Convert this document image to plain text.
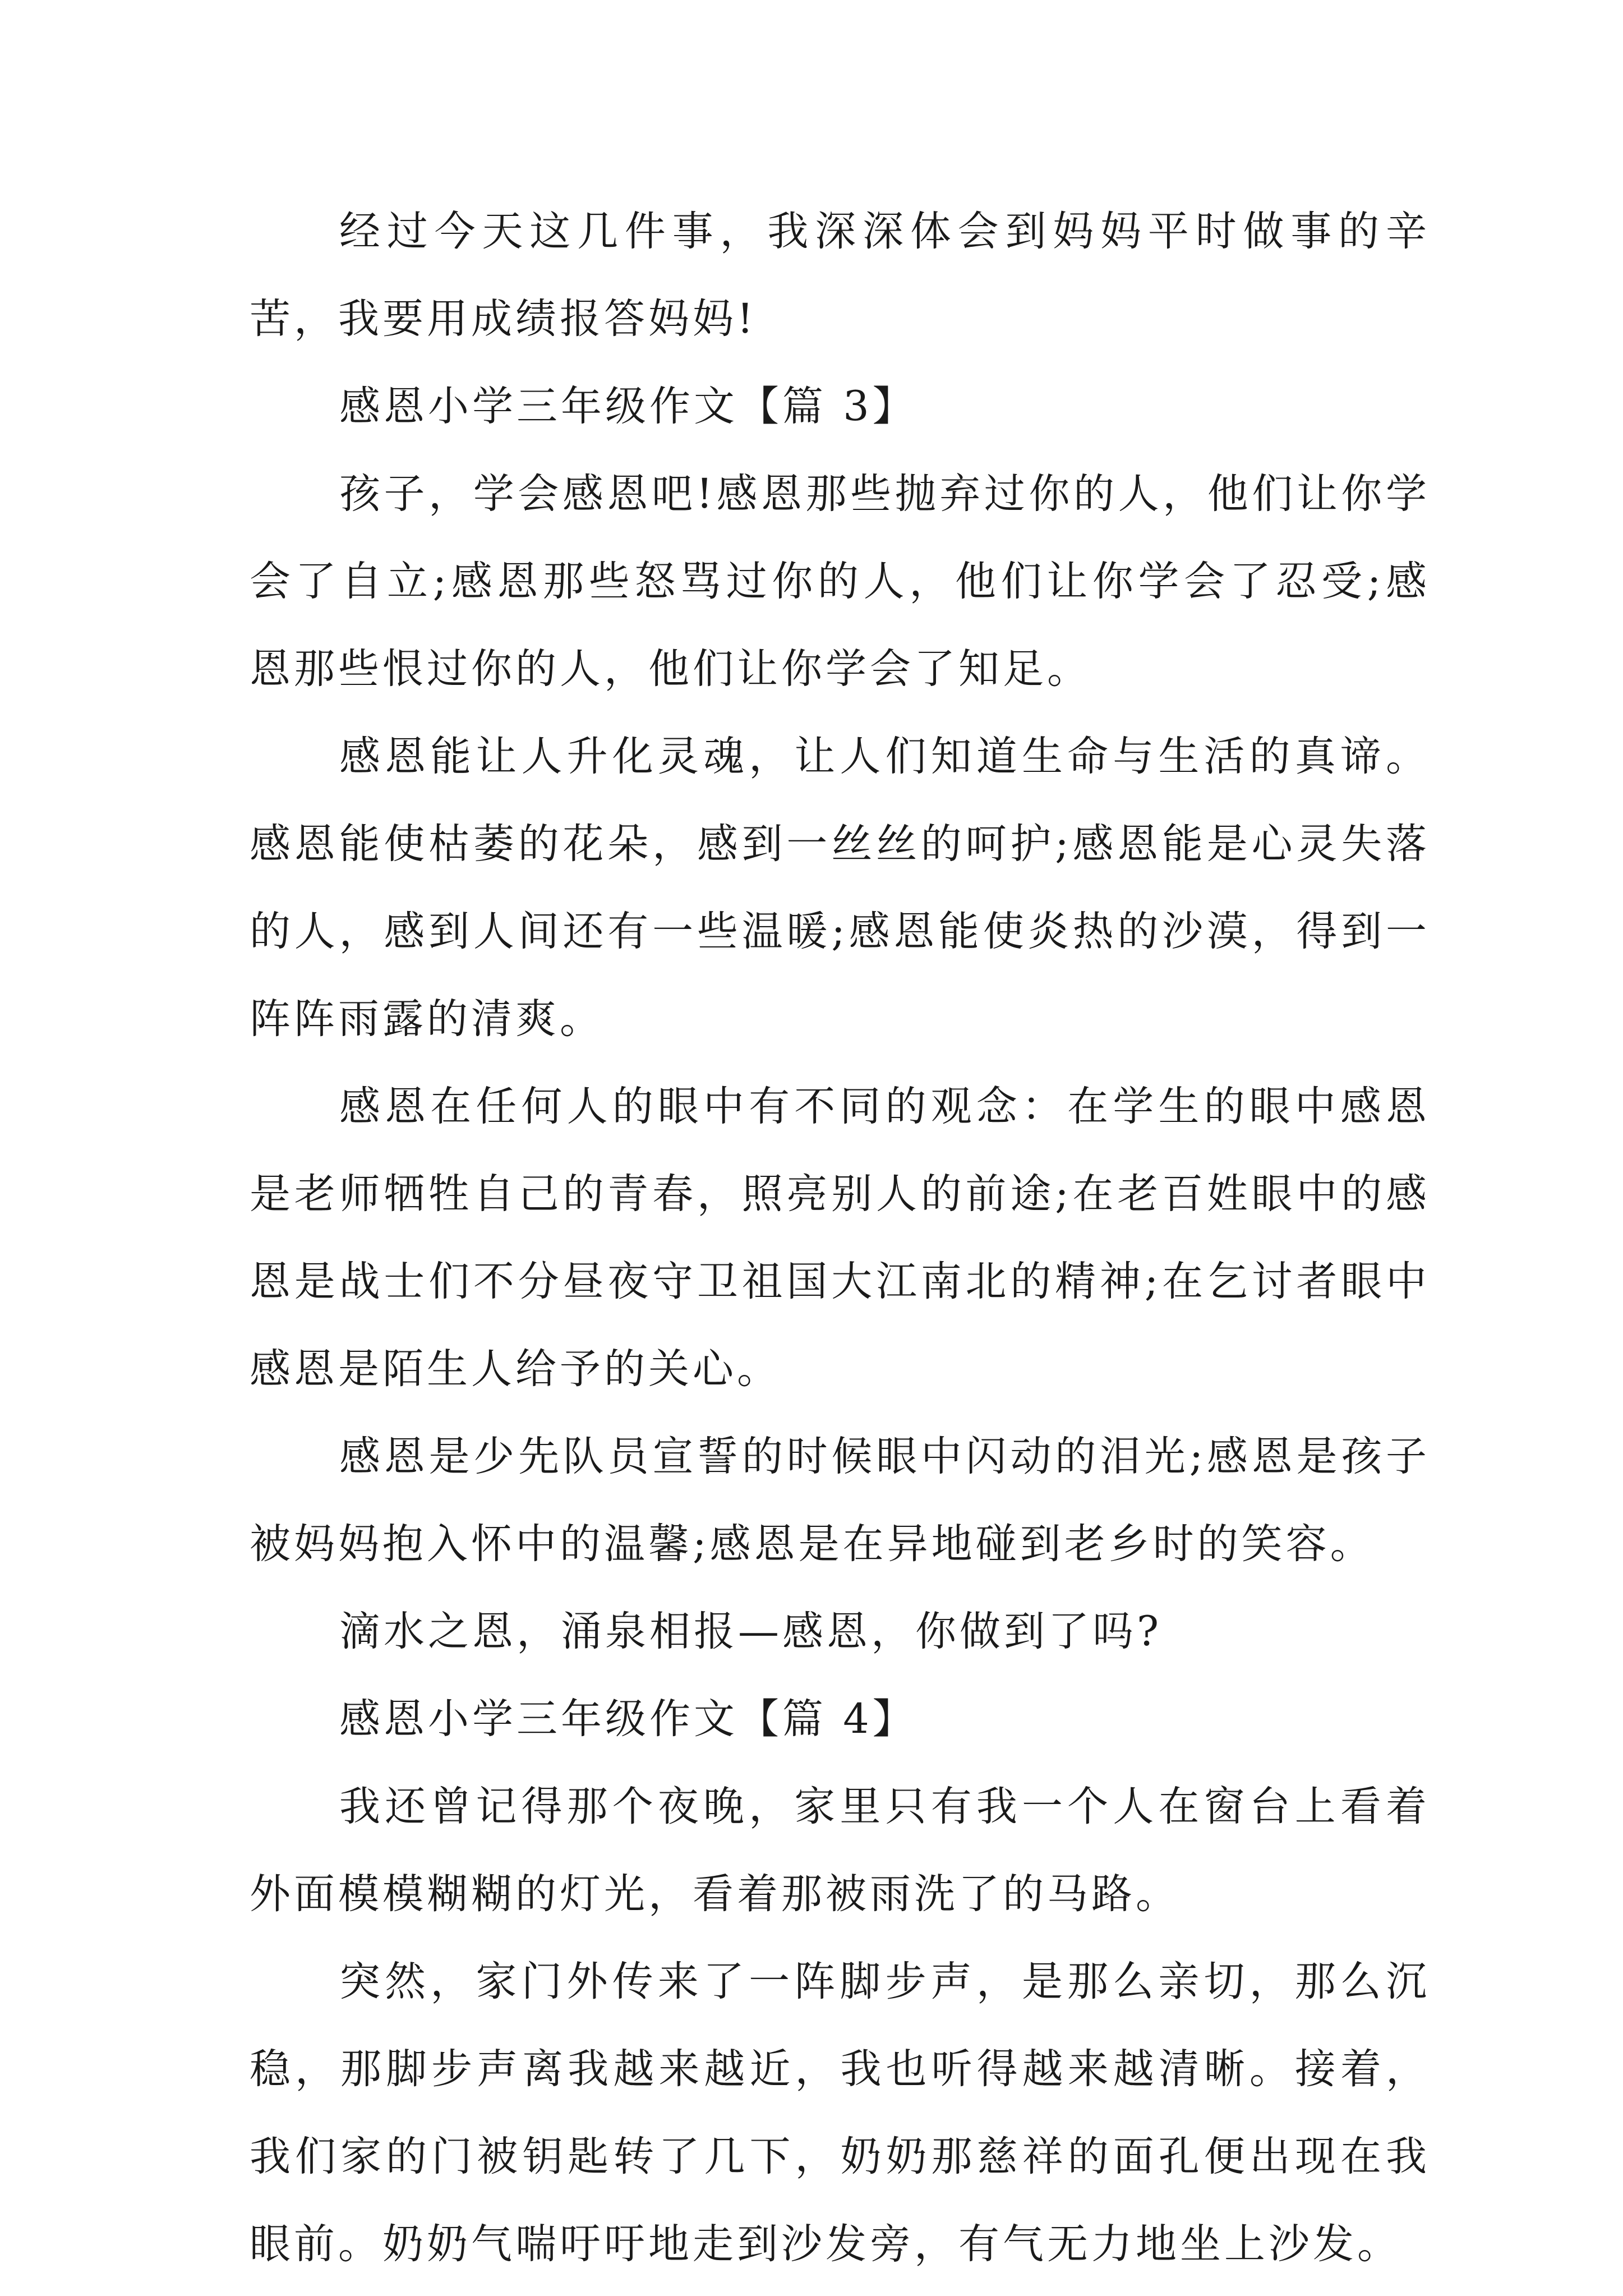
经过今天这几件事，我深深体会到妈妈平时做事的辛苦，我要用成绩报答妈妈!

感恩小学三年级作文【篇 3】

孩子，学会感恩吧!感恩那些抛弃过你的人，他们让你学会了自立;感恩那些怒骂过你的人，他们让你学会了忍受;感恩那些恨过你的人，他们让你学会了知足。

感恩能让人升化灵魂，让人们知道生命与生活的真谛。感恩能使枯萎的花朵，感到一丝丝的呵护;感恩能是心灵失落的人，感到人间还有一些温暖;感恩能使炎热的沙漠，得到一阵阵雨露的清爽。

感恩在任何人的眼中有不同的观念：在学生的眼中感恩是老师牺牲自己的青春，照亮别人的前途;在老百姓眼中的感恩是战士们不分昼夜守卫祖国大江南北的精神;在乞讨者眼中感恩是陌生人给予的关心。

感恩是少先队员宣誓的时候眼中闪动的泪光;感恩是孩子被妈妈抱入怀中的温馨;感恩是在异地碰到老乡时的笑容。

滴水之恩，涌泉相报—感恩，你做到了吗?

感恩小学三年级作文【篇 4】

我还曾记得那个夜晚，家里只有我一个人在窗台上看着外面模模糊糊的灯光，看着那被雨洗了的马路。

突然，家门外传来了一阵脚步声，是那么亲切，那么沉稳，那脚步声离我越来越近，我也听得越来越清晰。接着，我们家的门被钥匙转了几下，奶奶那慈祥的面孔便出现在我眼前。奶奶气喘吁吁地走到沙发旁，有气无力地坐上沙发。
